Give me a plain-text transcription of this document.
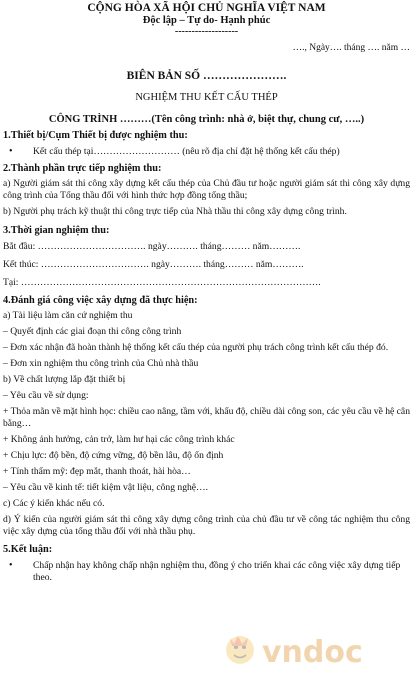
CỘNG HÒA XÃ HỘI CHỦ NGHĨA VIỆT NAM
Độc lập – Tự do- Hạnh phúc
-------------------
…., Ngày…. tháng …. năm …
BIÊN BẢN SỐ ………………….
NGHIỆM THU KẾT CẤU THÉP
CÔNG TRÌNH ………(Tên công trình: nhà ở, biệt thự, chung cư, …..)
1.Thiết bị/Cụm Thiết bị được nghiệm thu:
• Kết cấu thép tại……………………… (nêu rõ địa chỉ đặt hệ thống kết cấu thép)
2.Thành phần trực tiếp nghiệm thu:

a) Người giám sát thi công xây dựng kết cấu thép của Chủ đầu tư hoặc người giám sát thi công xây dựng công trình của Tổng thầu đối với hình thức hợp đồng tổng thầu;

b) Người phụ trách kỹ thuật thi công trực tiếp của Nhà thầu thi công xây dựng công trình.

3.Thời gian nghiệm thu:
Bắt đầu: ……………………………. ngày………. tháng……… năm……….
Kết thúc: ……………………………. ngày………. tháng……… năm……….
Tại: ………………………………………………………………………………….
4.Đánh giá công việc xây dựng đã thực hiện:

a) Tài liệu làm căn cứ nghiệm thu

– Quyết định các giai đoạn thi công công trình

– Đơn xác nhận đã hoàn thành hệ thống kết cấu thép của người phụ trách công trình kết cấu thép đó.

– Đơn xin nghiệm thu công trình của Chủ nhà thầu

b) Về chất lượng lắp đặt thiết bị

– Yêu cầu về sử dụng:

+ Thỏa mãn về mặt hình học: chiều cao nâng, tầm với, khẩu độ, chiều dài công son, các yêu cầu về hệ cân bằng…

+ Không ảnh hưởng, cản trở, làm hư hại các công trình khác

+ Chịu lực: độ bền, độ cứng vững, độ bền lâu, độ ổn định

+ Tính thẩm mỹ: đẹp mắt, thanh thoát, hài hòa…

– Yêu cầu về kinh tế: tiết kiệm vật liệu, công nghệ….

c) Các ý kiến khác nếu có.

d) Ý kiến của người giám sát thi công xây dựng công trình của chủ đầu tư về công tác nghiệm thu công việc xây dựng của tổng thầu đối với nhà thầu phụ.

5.Kết luận:
• Chấp nhận hay không chấp nhận nghiệm thu, đồng ý cho triển khai các công việc xây dựng tiếp theo.
vndoc
